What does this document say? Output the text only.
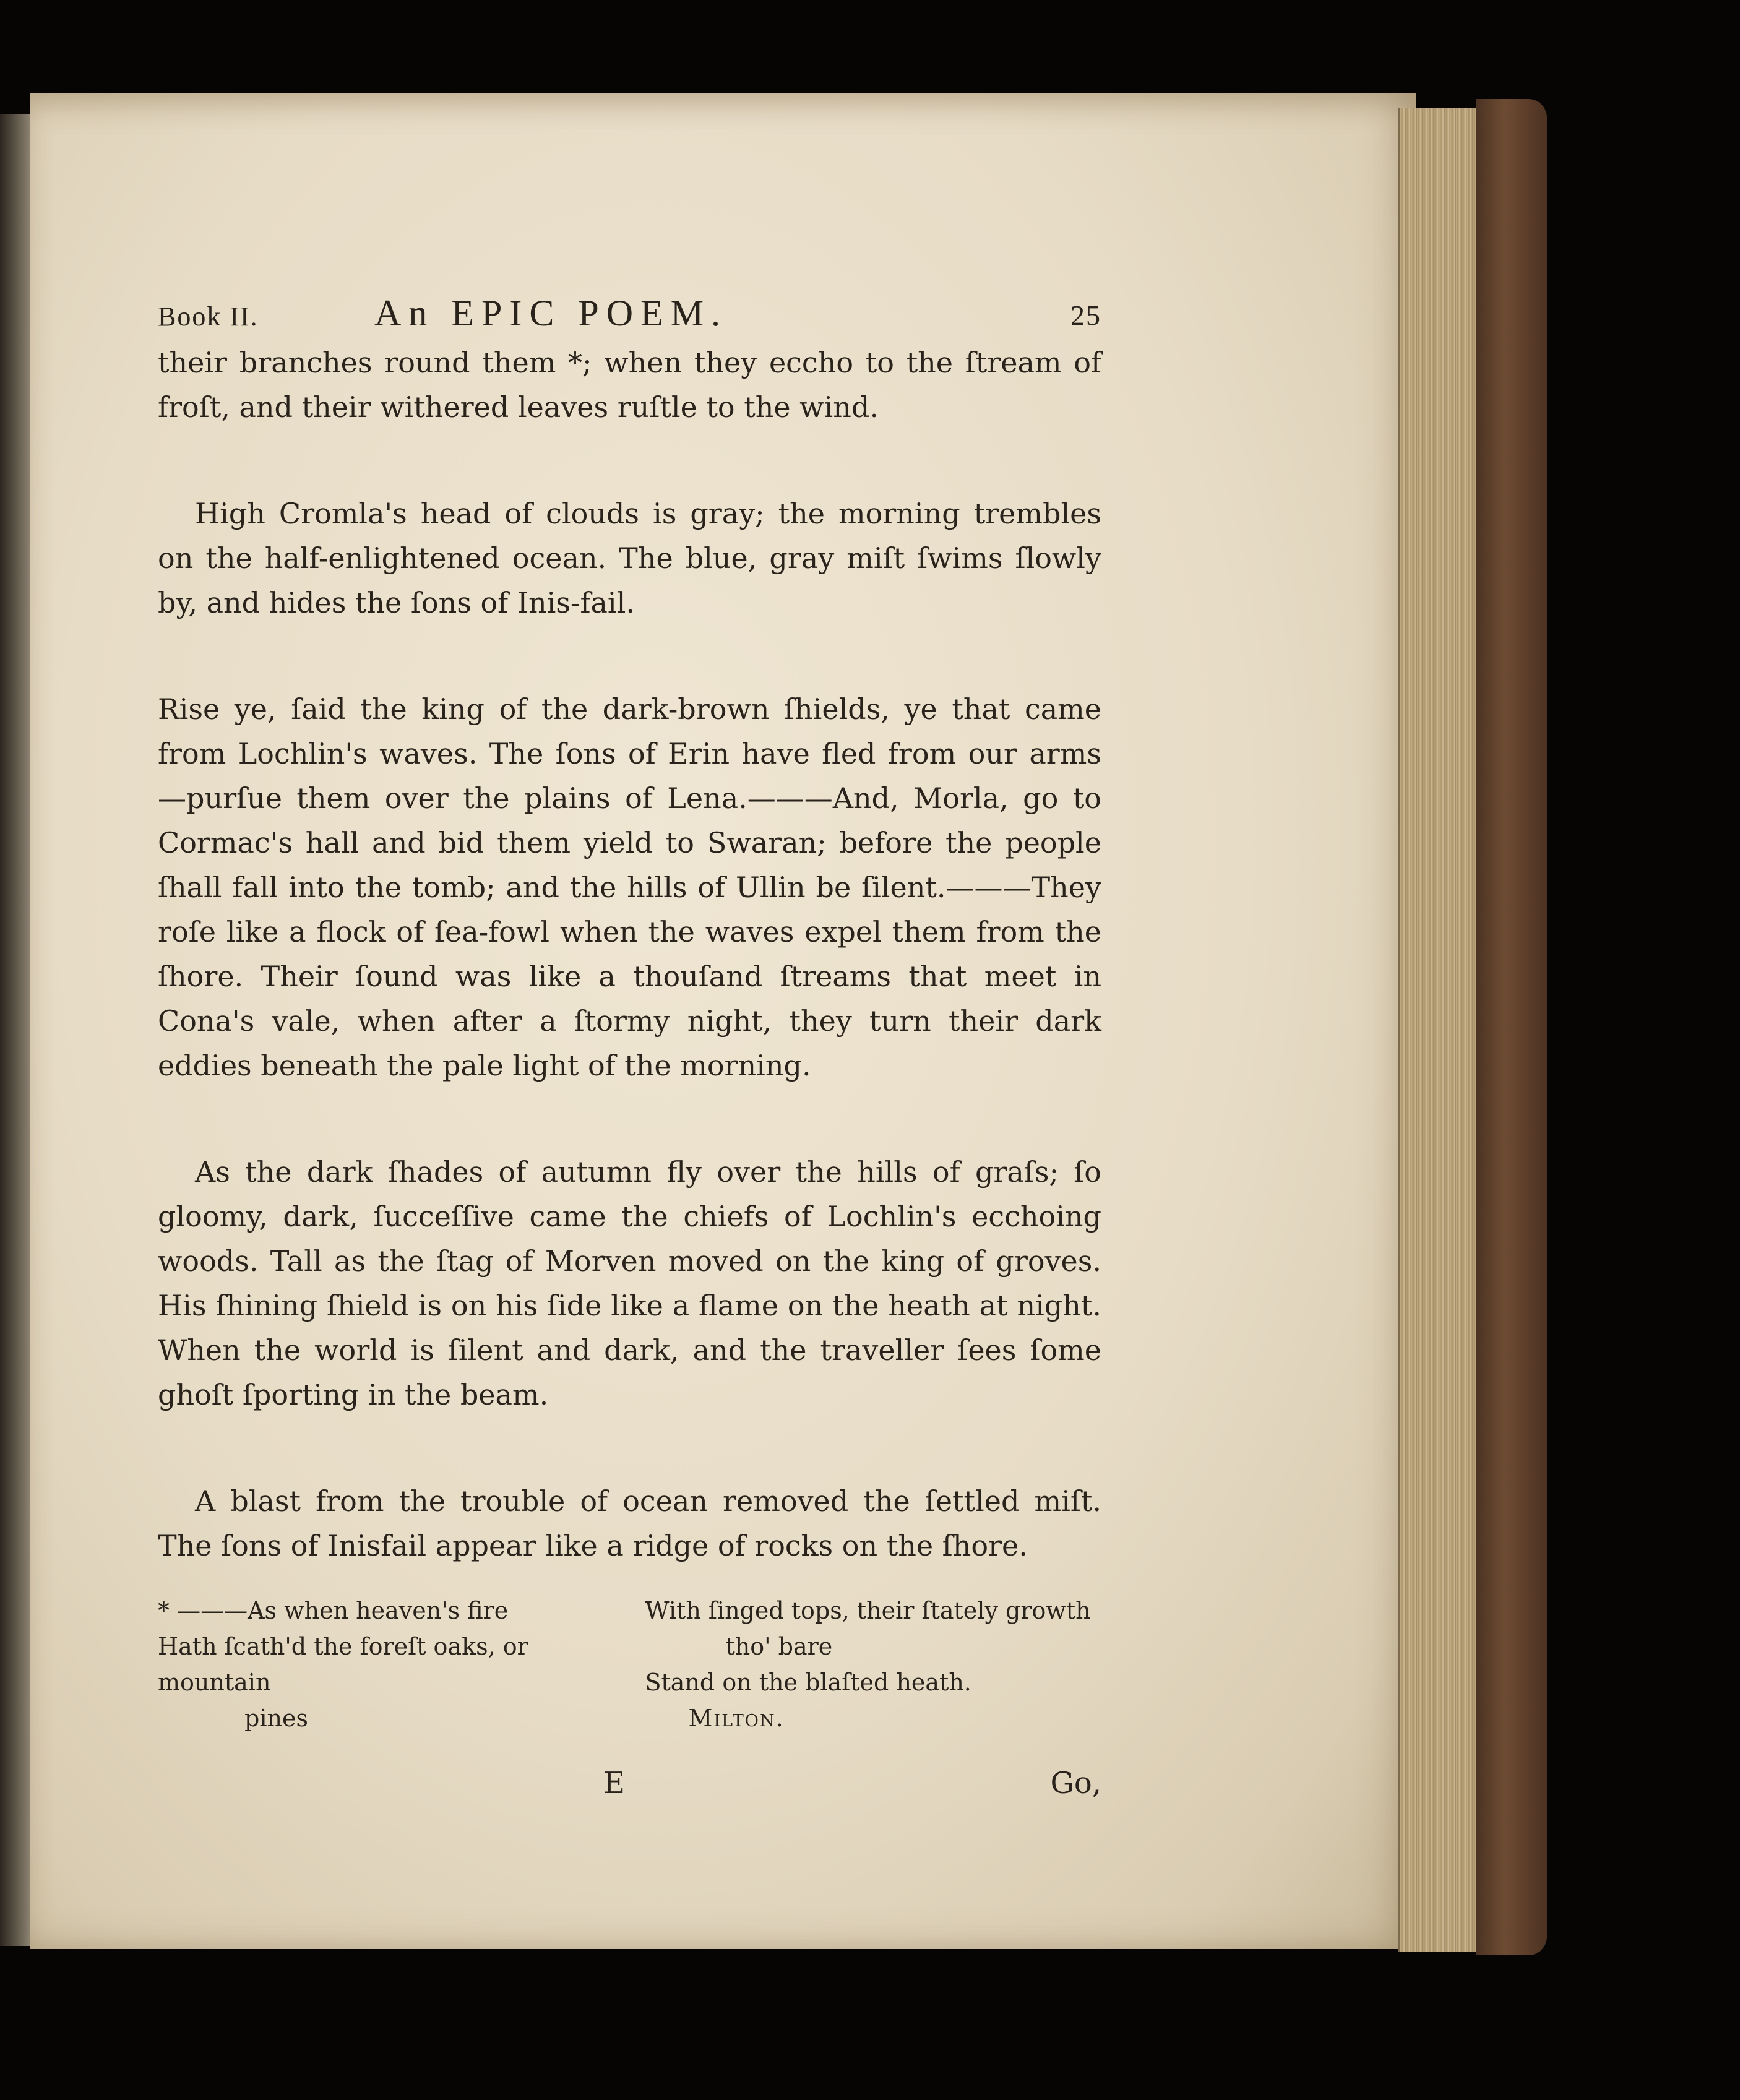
Book II.	An EPIC POEM.	25

their branches round them *; when they eccho to the ſtream of froſt, and their withered leaves ruſtle to the wind.

High Cromla's head of clouds is gray; the morning trembles on the half-enlightened ocean. The blue, gray miſt ſwims ſlowly by, and hides the ſons of Inis-fail.

Rise ye, ſaid the king of the dark-brown ſhields, ye that came from Lochlin's waves. The ſons of Erin have fled from our arms —purſue them over the plains of Lena.———And, Morla, go to Cormac's hall and bid them yield to Swaran; before the people ſhall fall into the tomb; and the hills of Ullin be ſilent.———They roſe like a flock of ſea-fowl when the waves expel them from the ſhore. Their ſound was like a thouſand ſtreams that meet in Cona's vale, when after a ſtormy night, they turn their dark eddies beneath the pale light of the morning.

As the dark ſhades of autumn fly over the hills of graſs; ſo gloomy, dark, ſucceſſive came the chiefs of Lochlin's ecchoing woods. Tall as the ſtag of Morven moved on the king of groves. His ſhining ſhield is on his ſide like a flame on the heath at night. When the world is ſilent and dark, and the traveller ſees ſome ghoſt ſporting in the beam.

A blast from the trouble of ocean removed the ſettled miſt. The ſons of Inisfail appear like a ridge of rocks on the ſhore.

* ———As when heaven's fire

Hath ſcath'd the foreſt oaks, or mountain

pines

With ſinged tops, their ſtately growth

tho' bare

Stand on the blaſted heath. Milton.

E	Go,
